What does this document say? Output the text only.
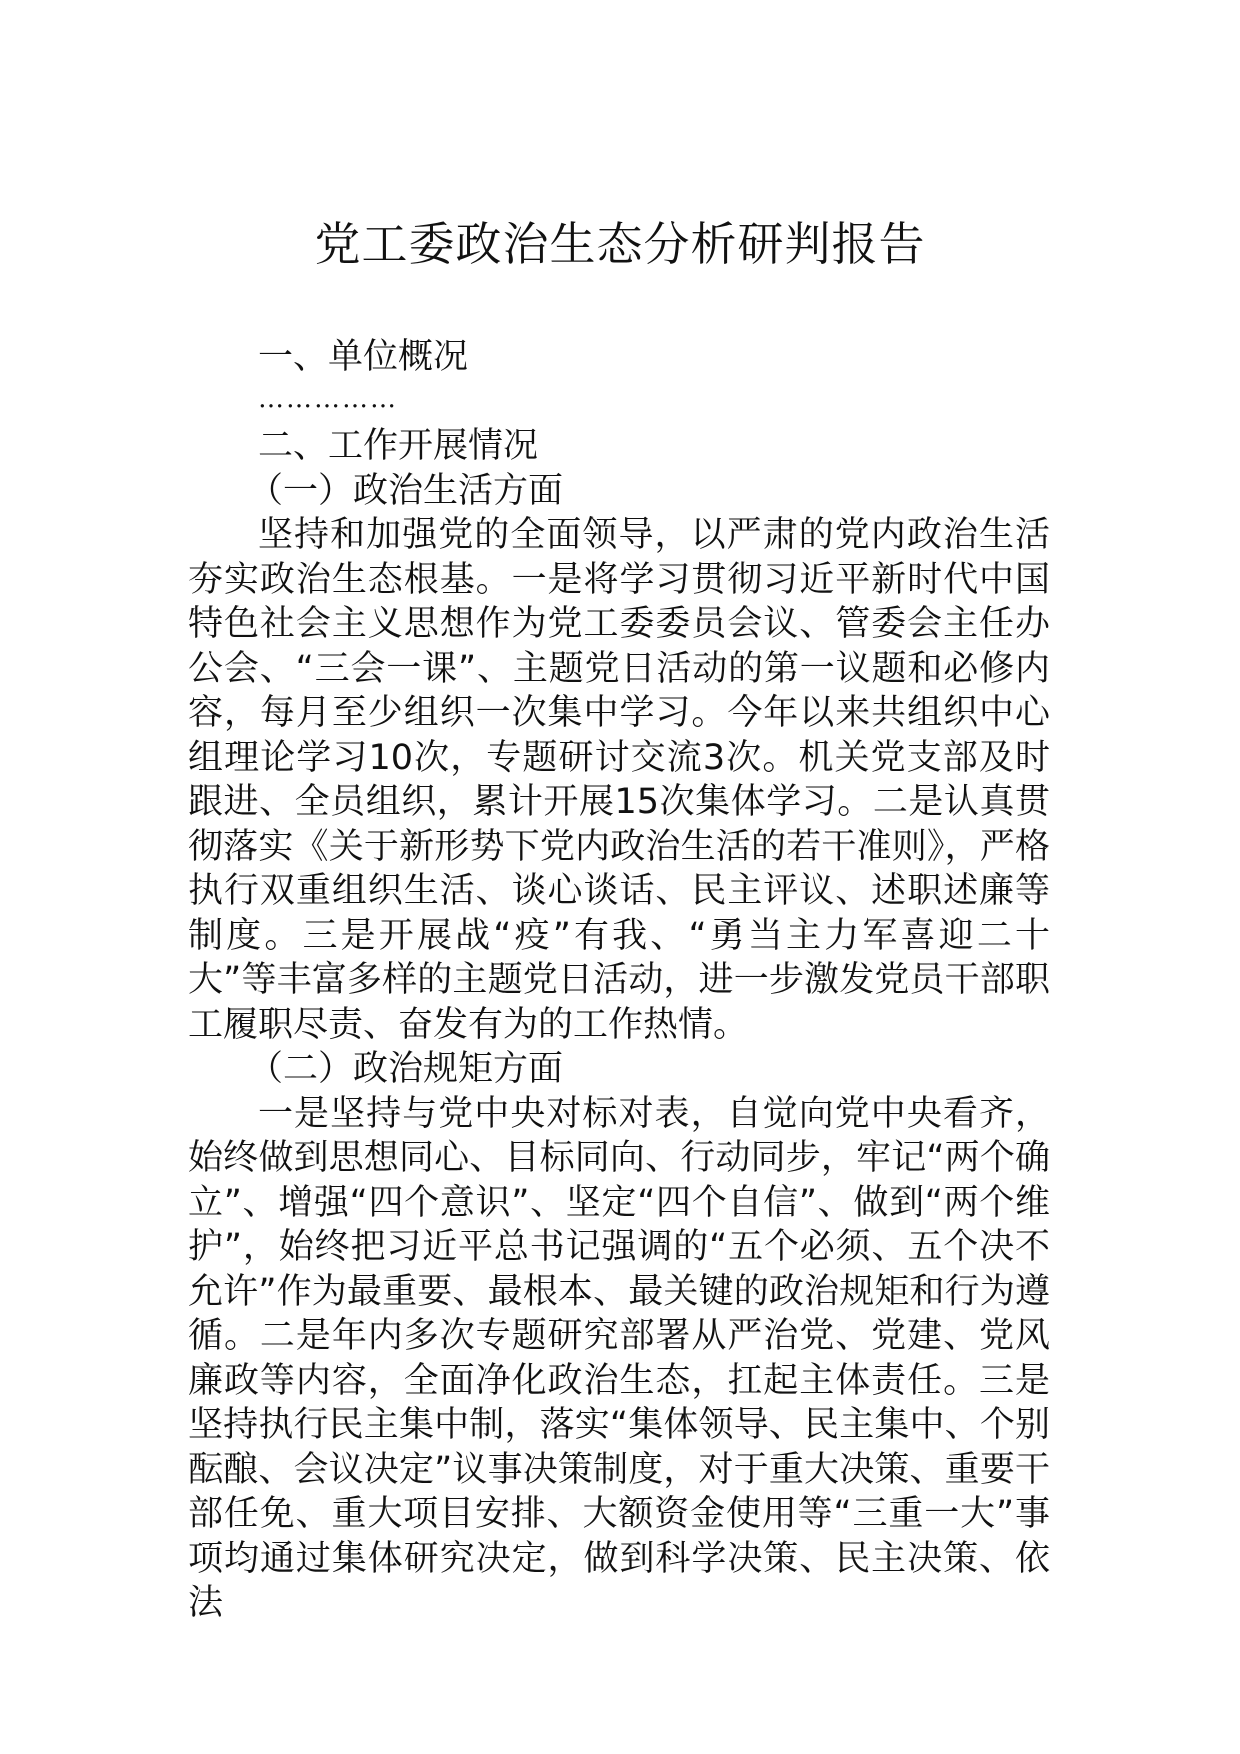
党工委政治生态分析研判报告

一、单位概况

……………

二、工作开展情况

（一）政治生活方面

坚持和加强党的全面领导，以严肃的党内政治生活夯实政治生态根基。一是将学习贯彻习近平新时代中国特色社会主义思想作为党工委委员会议、管委会主任办公会、“三会一课”、主题党日活动的第一议题和必修内容，每月至少组织一次集中学习。今年以来共组织中心组理论学习10次，专题研讨交流3次。机关党支部及时跟进、全员组织，累计开展15次集体学习。二是认真贯彻落实《关于新形势下党内政治生活的若干准则》，严格执行双重组织生活、谈心谈话、民主评议、述职述廉等制度。三是开展战“疫”有我、“勇当主力军喜迎二十大”等丰富多样的主题党日活动，进一步激发党员干部职工履职尽责、奋发有为的工作热情。

（二）政治规矩方面

一是坚持与党中央对标对表，自觉向党中央看齐，始终做到思想同心、目标同向、行动同步，牢记“两个确立”、增强“四个意识”、坚定“四个自信”、做到“两个维护”，始终把习近平总书记强调的“五个必须、五个决不允许”作为最重要、最根本、最关键的政治规矩和行为遵循。二是年内多次专题研究部署从严治党、党建、党风廉政等内容，全面净化政治生态，扛起主体责任。三是坚持执行民主集中制，落实“集体领导、民主集中、个别酝酿、会议决定”议事决策制度，对于重大决策、重要干部任免、重大项目安排、大额资金使用等“三重一大”事项均通过集体研究决定，做到科学决策、民主决策、依法
